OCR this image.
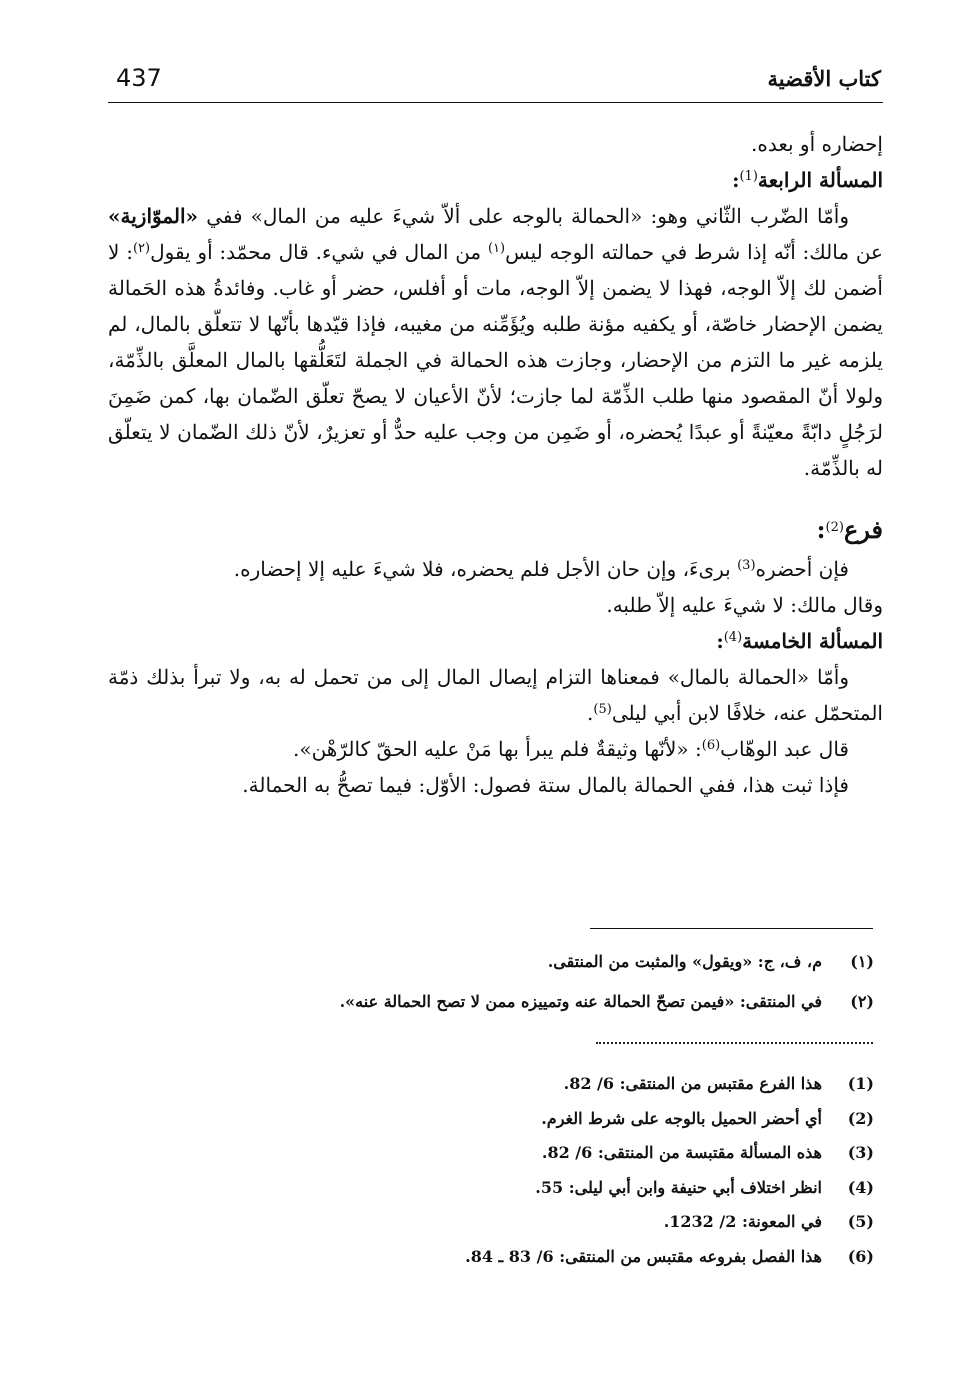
كتاب الأقضية
437

إحضاره أو بعده.

المسألة الرابعة$^{(1)}$:

وأمّا الضّرب الثّاني وهو: «الحمالة بالوجه على ألاّ شيءَ عليه من المال» ففي «الموّازية» عن مالك: أنّه إذا شرط في حمالته الوجه ليس$^{(١)}$ من المال في شيء. قال محمّد: أو يقول$^{(٢)}$: لا أضمن لك إلاّ الوجه، فهذا لا يضمن إلاّ الوجه، مات أو أفلس، حضر أو غاب. وفائدةُ هذه الحَمالة يضمن الإحضار خاصّة، أو يكفيه مؤنة طلبه ويُؤَمِّنه من مغيبه، فإذا قيّدها بأنّها لا تتعلّق بالمال، لم يلزمه غير ما التزم من الإحضار، وجازت هذه الحمالة في الجملة لتَعَلُّقها بالمال المعلَّق بالذِّمّة، ولولا أنّ المقصود منها طلب الذِّمّة لما جازت؛ لأنّ الأعيان لا يصحّ تعلّق الضّمان بها، كمن ضَمِنَ لرَجُلٍ دابّةً معيّنةً أو عبدًا يُحضره، أو ضَمِن من وجب عليه حدٌّ أو تعزيرٌ، لأنّ ذلك الضّمان لا يتعلّق له بالذِّمّة.

فرع$^{(2)}$:

فإن أحضره$^{(3)}$ برىءَ، وإن حان الأجل فلم يحضره، فلا شيءَ عليه إلا إحضاره.

وقال مالك: لا شيءَ عليه إلاّ طلبه.

المسألة الخامسة$^{(4)}$:

وأمّا «الحمالة بالمال» فمعناها التزام إيصال المال إلى من تحمل له به، ولا تبرأ بذلك ذمّة المتحمّل عنه، خلافًا لابن أبي ليلى$^{(5)}$.

قال عبد الوهّاب$^{(6)}$: «لأنّها وثيقةٌ فلم يبرأ بها مَنْ عليه الحقّ كالرّهْن».

فإذا ثبت هذا، ففي الحمالة بالمال ستة فصول: الأوّل: فيما تصحُّ به الحمالة.

(١)
م، ف، ج: «ويقول» والمثبت من المنتقى.
(٢)
في المنتقى: «فيمن تصحّ الحمالة عنه وتمييزه ممن لا تصح الحمالة عنه».
(1)
هذا الفرع مقتبس من المنتقى: 6/ 82.
(2)
أي أحضر الحميل بالوجه على شرط الغرم.
(3)
هذه المسألة مقتبسة من المنتقى: 6/ 82.
(4)
انظر اختلاف أبي حنيفة وابن أبي ليلى: 55.
(5)
في المعونة: 2/ 1232.
(6)
هذا الفصل بفروعه مقتبس من المنتقى: 6/ 83 ـ 84.
